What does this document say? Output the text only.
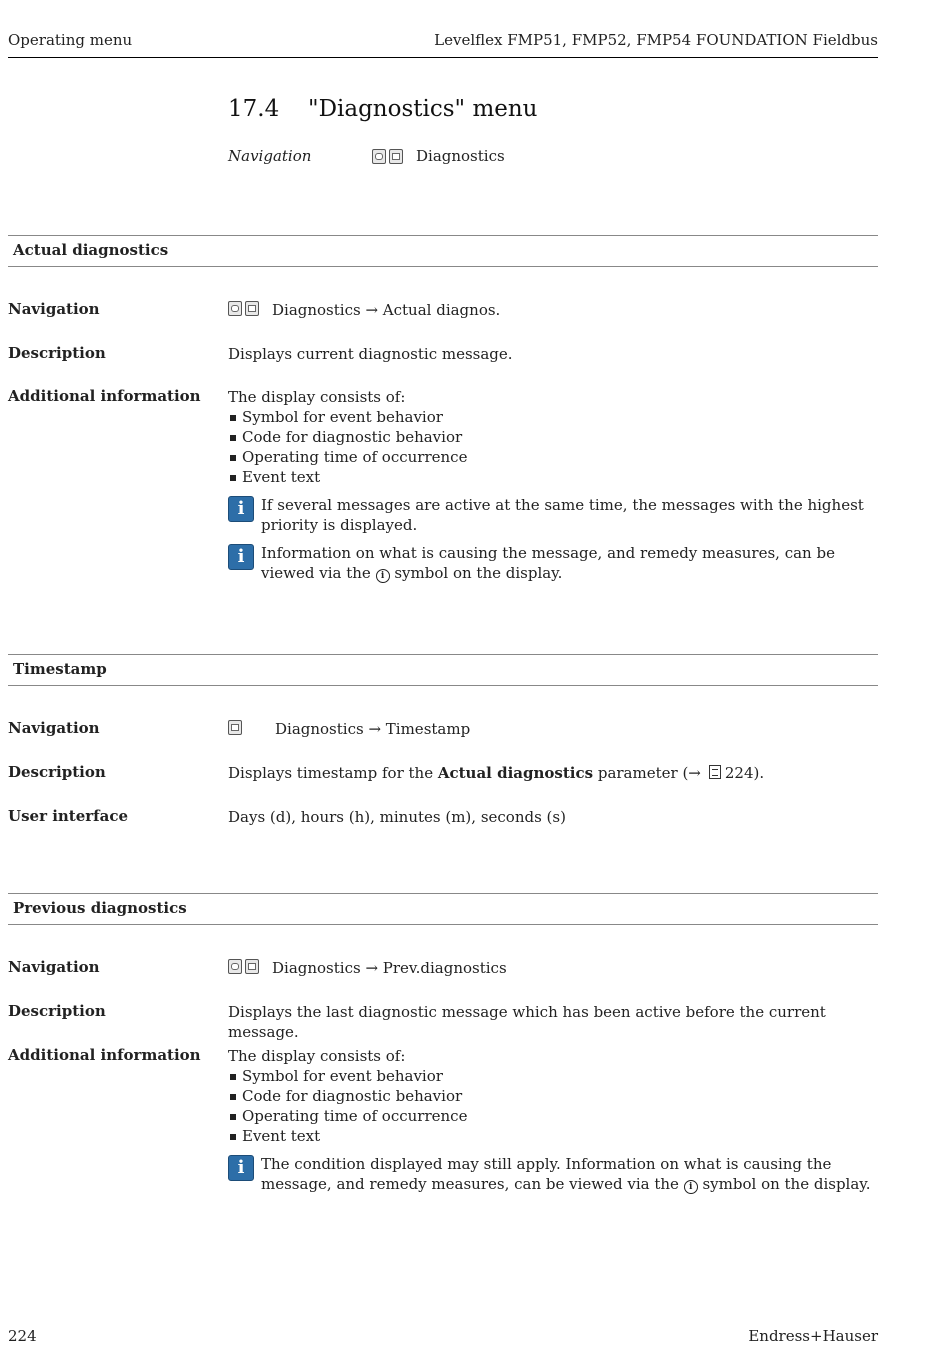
Operating menu	Levelflex FMP51, FMP52, FMP54 FOUNDATION Fieldbus
17.4 "Diagnostics" menu
Navigation	Diagnostics
Actual diagnostics
Navigation	Diagnostics → Actual diagnos.
Description	Displays current diagnostic message.
Additional information The display consists of:
Symbol for event behavior
Code for diagnostic behavior
Operating time of occurrence
Event text
i	If several messages are active at the same time, the messages with the highest priority is displayed.
i	Information on what is causing the message, and remedy measures, can be viewed via the i symbol on the display.
Timestamp
Navigation	Diagnostics → Timestamp
Description	Displays timestamp for the Actual diagnostics parameter (→ 224).
User interface	Days (d), hours (h), minutes (m), seconds (s)
Previous diagnostics
Navigation	Diagnostics → Prev.diagnostics
Description	Displays the last diagnostic message which has been active before the current message.
Additional information The display consists of:
Symbol for event behavior
Code for diagnostic behavior
Operating time of occurrence
Event text
i	The condition displayed may still apply. Information on what is causing the message, and remedy measures, can be viewed via the i symbol on the display.
224	Endress+Hauser
